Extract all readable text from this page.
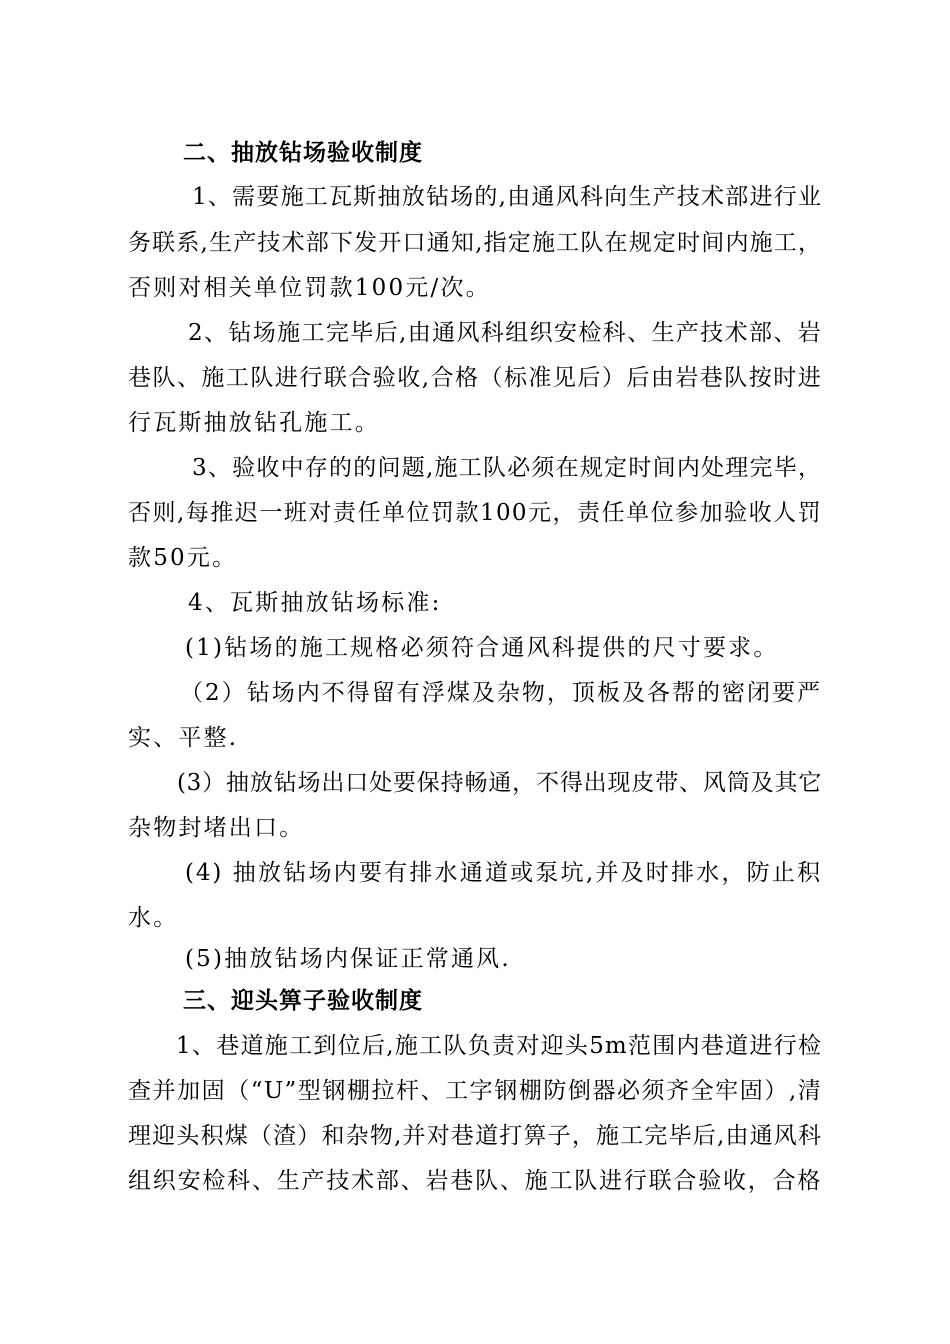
二、抽放钻场验收制度
1、需要施工瓦斯抽放钻场的,由通风科向生产技术部进行业
务联系,生产技术部下发开口通知,指定施工队在规定时间内施工，
否则对相关单位罚款100元/次。
2、钻场施工完毕后,由通风科组织安检科、生产技术部、岩
巷队、施工队进行联合验收,合格（标准见后）后由岩巷队按时进
行瓦斯抽放钻孔施工。
3、验收中存的的问题,施工队必须在规定时间内处理完毕，
否则,每推迟一班对责任单位罚款100元，责任单位参加验收人罚
款50元。
4、瓦斯抽放钻场标准:
(1)钻场的施工规格必须符合通风科提供的尺寸要求。
（2）钻场内不得留有浮煤及杂物，顶板及各帮的密闭要严
实、平整.
(3）抽放钻场出口处要保持畅通，不得出现皮带、风筒及其它
杂物封堵出口。
(4) 抽放钻场内要有排水通道或泵坑,并及时排水，防止积
水。
(5)抽放钻场内保证正常通风.
三、迎头箅子验收制度
1、巷道施工到位后,施工队负责对迎头5m范围内巷道进行检
查并加固（“U”型钢棚拉杆、工字钢棚防倒器必须齐全牢固）,清
理迎头积煤（渣）和杂物,并对巷道打箅子，施工完毕后,由通风科
组织安检科、生产技术部、岩巷队、施工队进行联合验收，合格
